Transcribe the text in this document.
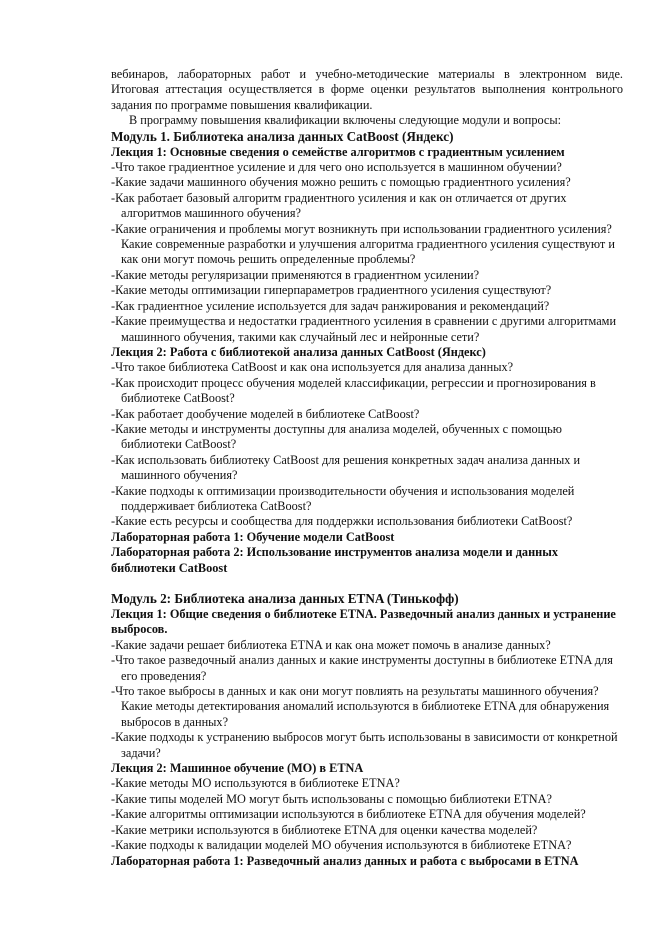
вебинаров, лабораторных работ и учебно-методические материалы в электронном виде. Итоговая аттестация осуществляется в форме оценки результатов выполнения контрольного задания по программе повышения квалификации.

В программу повышения квалификации включены следующие модули и вопросы:

Модуль 1. Библиотека анализа данных CatBoost (Яндекс)

Лекция 1: Основные сведения о семействе алгоритмов с градиентным усилением

-Что такое градиентное усиление и для чего оно используется в машинном обучении?

-Какие задачи машинного обучения можно решить с помощью градиентного усиления?

-Как работает базовый алгоритм градиентного усиления и как он отличается от других алгоритмов машинного обучения?

-Какие ограничения и проблемы могут возникнуть при использовании градиентного усиления? Какие современные разработки и улучшения алгоритма градиентного усиления существуют и как они могут помочь решить определенные проблемы?

-Какие методы регуляризации применяются в градиентном усилении?

-Какие методы оптимизации гиперпараметров градиентного усиления существуют?

-Как градиентное усиление используется для задач ранжирования и рекомендаций?

-Какие преимущества и недостатки градиентного усиления в сравнении с другими алгоритмами машинного обучения, такими как случайный лес и нейронные сети?

Лекция 2: Работа с библиотекой анализа данных CatBoost (Яндекс)

-Что такое библиотека CatBoost и как она используется для анализа данных?

-Как происходит процесс обучения моделей классификации, регрессии и прогнозирования в библиотеке CatBoost?

-Как работает дообучение моделей в библиотеке CatBoost?

-Какие методы и инструменты доступны для анализа моделей, обученных с помощью библиотеки CatBoost?

-Как использовать библиотеку CatBoost для решения конкретных задач анализа данных и машинного обучения?

-Какие подходы к оптимизации производительности обучения и использования моделей поддерживает библиотека CatBoost?

-Какие есть ресурсы и сообщества для поддержки использования библиотеки CatBoost?

Лабораторная работа 1: Обучение модели CatBoost

Лабораторная работа 2: Использование инструментов анализа модели и данных библиотеки CatBoost

Модуль 2: Библиотека анализа данных ETNA (Тинькофф)

Лекция 1: Общие сведения о библиотеке ETNA. Разведочный анализ данных и устранение выбросов.

-Какие задачи решает библиотека ETNA и как она может помочь в анализе данных?

-Что такое разведочный анализ данных и какие инструменты доступны в библиотеке ETNA для его проведения?

-Что такое выбросы в данных и как они могут повлиять на результаты машинного обучения? Какие методы детектирования аномалий используются в библиотеке ETNA для обнаружения выбросов в данных?

-Какие подходы к устранению выбросов могут быть использованы в зависимости от конкретной задачи?

Лекция 2: Машинное обучение (МО) в ETNA

-Какие методы МО используются в библиотеке ETNA?

-Какие типы моделей МО могут быть использованы с помощью библиотеки ETNA?

-Какие алгоритмы оптимизации используются в библиотеке ETNA для обучения моделей?

-Какие метрики используются в библиотеке ETNA для оценки качества моделей?

-Какие подходы к валидации моделей МО обучения используются в библиотеке ETNA?

Лабораторная работа 1: Разведочный анализ данных и работа с выбросами в ETNA
